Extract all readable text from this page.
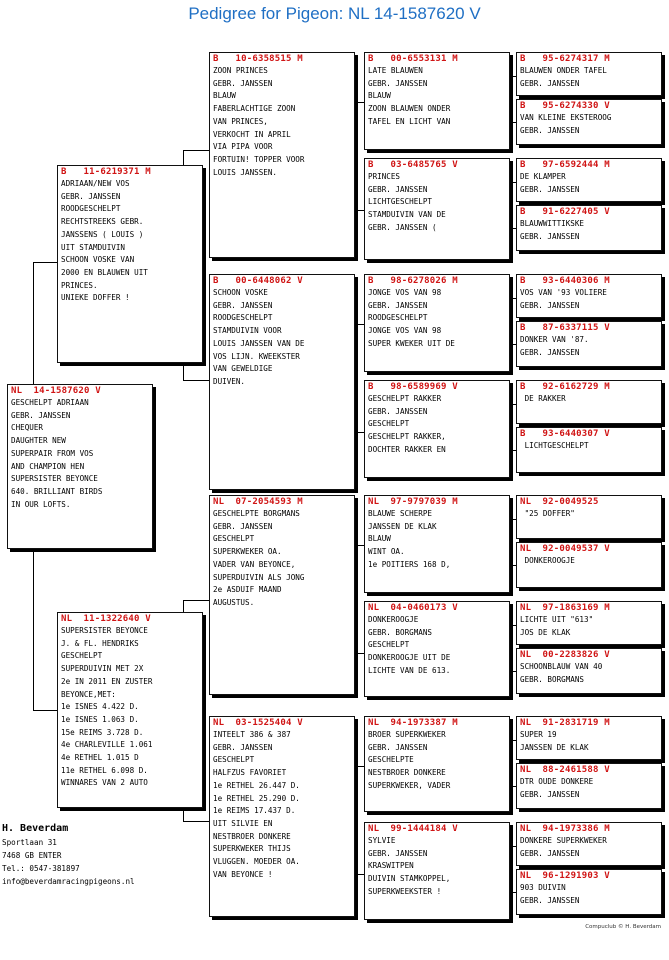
Pedigree for Pigeon: NL 14-1587620 V
NL  14-1587620 V
GESCHELPT ADRIAAN
GEBR. JANSSEN
CHEQUER
DAUGHTER NEW
SUPERPAIR FROM VOS
AND CHAMPION HEN
SUPERSISTER BEYONCE
640. BRILLIANT BIRDS
IN OUR LOFTS.
B   11-6219371 M
ADRIAAN/NEW VOS
GEBR. JANSSEN
ROODGESCHELPT
RECHTSTREEKS GEBR.
JANSSENS ( LOUIS )
UIT STAMDUIVIN
SCHOON VOSKE VAN
2000 EN BLAUWEN UIT
PRINCES.
UNIEKE DOFFER !
NL  11-1322640 V
SUPERSISTER BEYONCE
J. & FL. HENDRIKS
GESCHELPT
SUPERDUIVIN MET 2X
2e IN 2011 EN ZUSTER
BEYONCE,MET:
1e ISNES 4.422 D.
1e ISNES 1.063 D.
15e REIMS 3.728 D.
4e CHARLEVILLE 1.061
4e RETHEL 1.015 D
11e RETHEL 6.098 D.
WINNARES VAN 2 AUTO
B   10-6358515 M
ZOON PRINCES
GEBR. JANSSEN
BLAUW
FABERLACHTIGE ZOON
VAN PRINCES,
VERKOCHT IN APRIL
VIA PIPA VOOR
FORTUIN! TOPPER VOOR
LOUIS JANSSEN.
B   00-6448062 V
SCHOON VOSKE
GEBR. JANSSEN
ROODGESCHELPT
STAMDUIVIN VOOR
LOUIS JANSSEN VAN DE
VOS LIJN. KWEEKSTER
VAN GEWELDIGE
DUIVEN.
NL  07-2054593 M
GESCHELPTE BORGMANS
GEBR. JANSSEN
GESCHELPT
SUPERKWEKER OA.
VADER VAN BEYONCE,
SUPERDUIVIN ALS JONG
2e ASDUIF MAAND
AUGUSTUS.
NL  03-1525404 V
INTEELT 386 & 387
GEBR. JANSSEN
GESCHELPT
HALFZUS FAVORIET
1e RETHEL 26.447 D.
1e RETHEL 25.290 D.
1e REIMS 17.437 D.
UIT SILVIE EN
NESTBROER DONKERE
SUPERKWEKER THIJS
VLUGGEN. MOEDER OA.
VAN BEYONCE !
B   00-6553131 M
LATE BLAUWEN
GEBR. JANSSEN
BLAUW
ZOON BLAUWEN ONDER
TAFEL EN LICHT VAN
B   03-6485765 V
PRINCES
GEBR. JANSSEN
LICHTGESCHELPT
STAMDUIVIN VAN DE
GEBR. JANSSEN (
B   98-6278026 M
JONGE VOS VAN 98
GEBR. JANSSEN
ROODGESCHELPT
JONGE VOS VAN 98
SUPER KWEKER UIT DE
B   98-6589969 V
GESCHELPT RAKKER
GEBR. JANSSEN
GESCHELPT
GESCHELPT RAKKER,
DOCHTER RAKKER EN
NL  97-9797039 M
BLAUWE SCHERPE
JANSSEN DE KLAK
BLAUW
WINT OA.
1e POITIERS 168 D,
NL  04-0460173 V
DONKEROOGJE
GEBR. BORGMANS
GESCHELPT
DONKEROOGJE UIT DE
LICHTE VAN DE 613.
NL  94-1973387 M
BROER SUPERKWEKER
GEBR. JANSSEN
GESCHELPTE
NESTBROER DONKERE
SUPERKWEKER, VADER
NL  99-1444184 V
SYLVIE
GEBR. JANSSEN
KRASWITPEN
DUIVIN STAMKOPPEL,
SUPERKWEEKSTER !
B   95-6274317 M
BLAUWEN ONDER TAFEL
GEBR. JANSSEN
B   95-6274330 V
VAN KLEINE EKSTEROOG
GEBR. JANSSEN
B   97-6592444 M
DE KLAMPER
GEBR. JANSSEN
B   91-6227405 V
BLAUWWITTIKSKE
GEBR. JANSSEN
B   93-6440306 M
VOS VAN '93 VOLIERE
GEBR. JANSSEN
B   87-6337115 V
DONKER VAN '87.
GEBR. JANSSEN
B   92-6162729 M
DE RAKKER
B   93-6440307 V
LICHTGESCHELPT
NL  92-0049525
"25 DOFFER"
NL  92-0049537 V
DONKEROOGJE
NL  97-1863169 M
LICHTE UIT "613"
JOS DE KLAK
NL  00-2283826 V
SCHOONBLAUW VAN 40
GEBR. BORGMANS
NL  91-2831719 M
SUPER 19
JANSSEN DE KLAK
NL  88-2461588 V
DTR OUDE DONKERE
GEBR. JANSSEN
NL  94-1973386 M
DONKERE SUPERKWEKER
GEBR. JANSSEN
NL  96-1291903 V
903 DUIVIN
GEBR. JANSSEN
H. Beverdam
Sportlaan 31
7468 GB ENTER
Tel.: 0547-381897
info@beverdamracingpigeons.nl
Compuclub © H. Beverdam
